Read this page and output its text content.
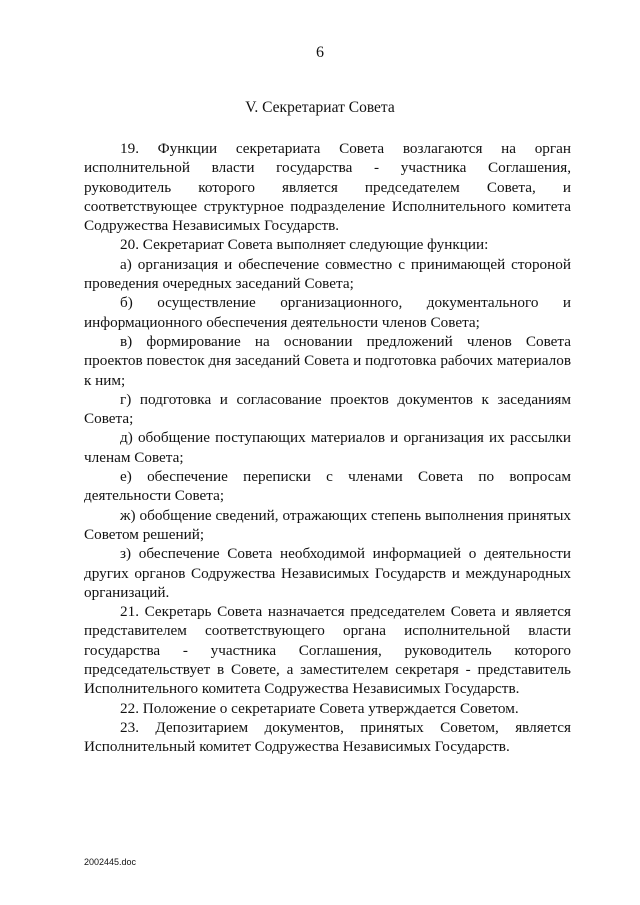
6
V. Секретариат Совета

19. Функции секретариата Совета возлагаются на орган исполнительной власти государства - участника Соглашения, руководитель которого является председателем Совета, и соответствующее структурное подразделение Исполнительного комитета Содружества Независимых Государств.

20. Секретариат Совета выполняет следующие функции:

а) организация и обеспечение совместно с принимающей стороной проведения очередных заседаний Совета;

б) осуществление организационного, документального и информационного обеспечения деятельности членов Совета;

в) формирование на основании предложений членов Совета проектов повесток дня заседаний Совета и подготовка рабочих материалов к ним;

г) подготовка и согласование проектов документов к заседаниям Совета;

д) обобщение поступающих материалов и организация их рассылки членам Совета;

е) обеспечение переписки с членами Совета по вопросам деятельности Совета;

ж) обобщение сведений, отражающих степень выполнения принятых Советом решений;

з) обеспечение Совета необходимой информацией о деятельности других органов Содружества Независимых Государств и международных организаций.

21. Секретарь Совета назначается председателем Совета и является представителем соответствующего органа исполнительной власти государства - участника Соглашения, руководитель которого председательствует в Совете, а заместителем секретаря - представитель Исполнительного комитета Содружества Независимых Государств.

22. Положение о секретариате Совета утверждается Советом.

23. Депозитарием документов, принятых Советом, является Исполнительный комитет Содружества Независимых Государств.

2002445.doc
